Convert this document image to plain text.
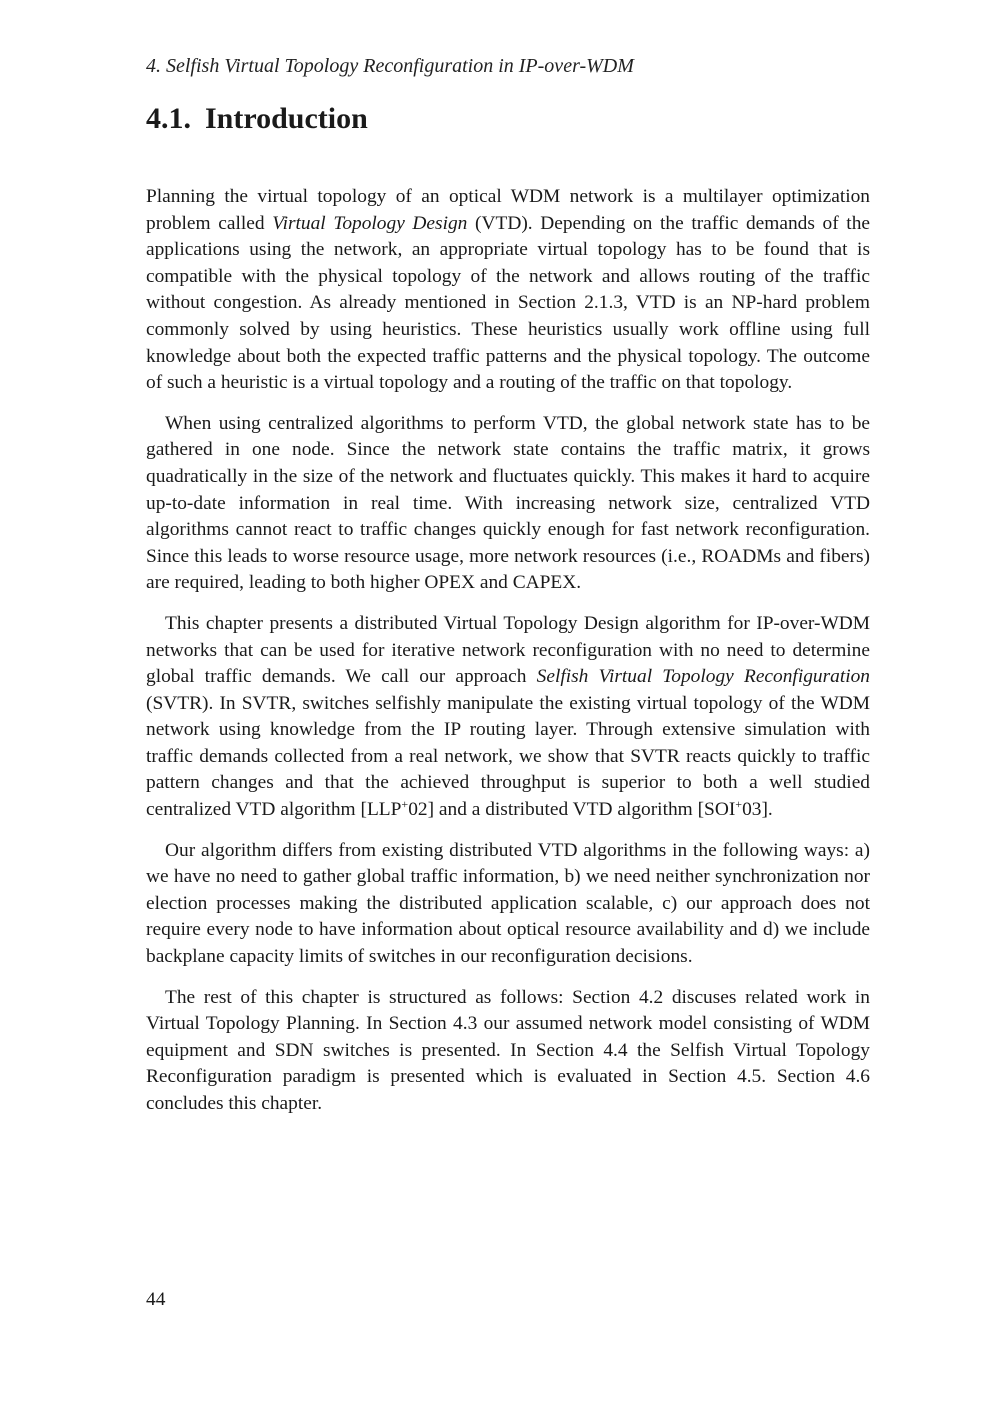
4. Selfish Virtual Topology Reconfiguration in IP-over-WDM
4.1. Introduction

Planning the virtual topology of an optical WDM network is a multilayer optimization problem called Virtual Topology Design (VTD). Depending on the traffic demands of the applications using the network, an appropriate virtual topology has to be found that is compatible with the physical topology of the network and allows routing of the traffic without congestion. As already mentioned in Section 2.1.3, VTD is an NP-hard problem commonly solved by using heuristics. These heuristics usually work offline using full knowledge about both the expected traffic patterns and the physical topology. The outcome of such a heuristic is a virtual topology and a routing of the traffic on that topology.

When using centralized algorithms to perform VTD, the global network state has to be gathered in one node. Since the network state contains the traffic matrix, it grows quadratically in the size of the network and fluctuates quickly. This makes it hard to acquire up-to-date information in real time. With increasing network size, centralized VTD algorithms cannot react to traffic changes quickly enough for fast network reconfiguration. Since this leads to worse resource usage, more network resources (i.e., ROADMs and fibers) are required, leading to both higher OPEX and CAPEX.

This chapter presents a distributed Virtual Topology Design algorithm for IP-over-WDM networks that can be used for iterative network reconfiguration with no need to determine global traffic demands. We call our approach Selfish Virtual Topology Reconfiguration (SVTR). In SVTR, switches selfishly manipulate the existing virtual topology of the WDM network using knowledge from the IP routing layer. Through extensive simulation with traffic demands collected from a real network, we show that SVTR reacts quickly to traffic pattern changes and that the achieved throughput is superior to both a well studied centralized VTD algorithm [LLP+02] and a distributed VTD algorithm [SOI+03].

Our algorithm differs from existing distributed VTD algorithms in the following ways: a) we have no need to gather global traffic information, b) we need neither synchronization nor election processes making the distributed application scalable, c) our approach does not require every node to have information about optical resource availability and d) we include backplane capacity limits of switches in our reconfiguration decisions.

The rest of this chapter is structured as follows: Section 4.2 discuses related work in Virtual Topology Planning. In Section 4.3 our assumed network model consisting of WDM equipment and SDN switches is presented. In Section 4.4 the Selfish Virtual Topology Reconfiguration paradigm is presented which is evaluated in Section 4.5. Section 4.6 concludes this chapter.

44
